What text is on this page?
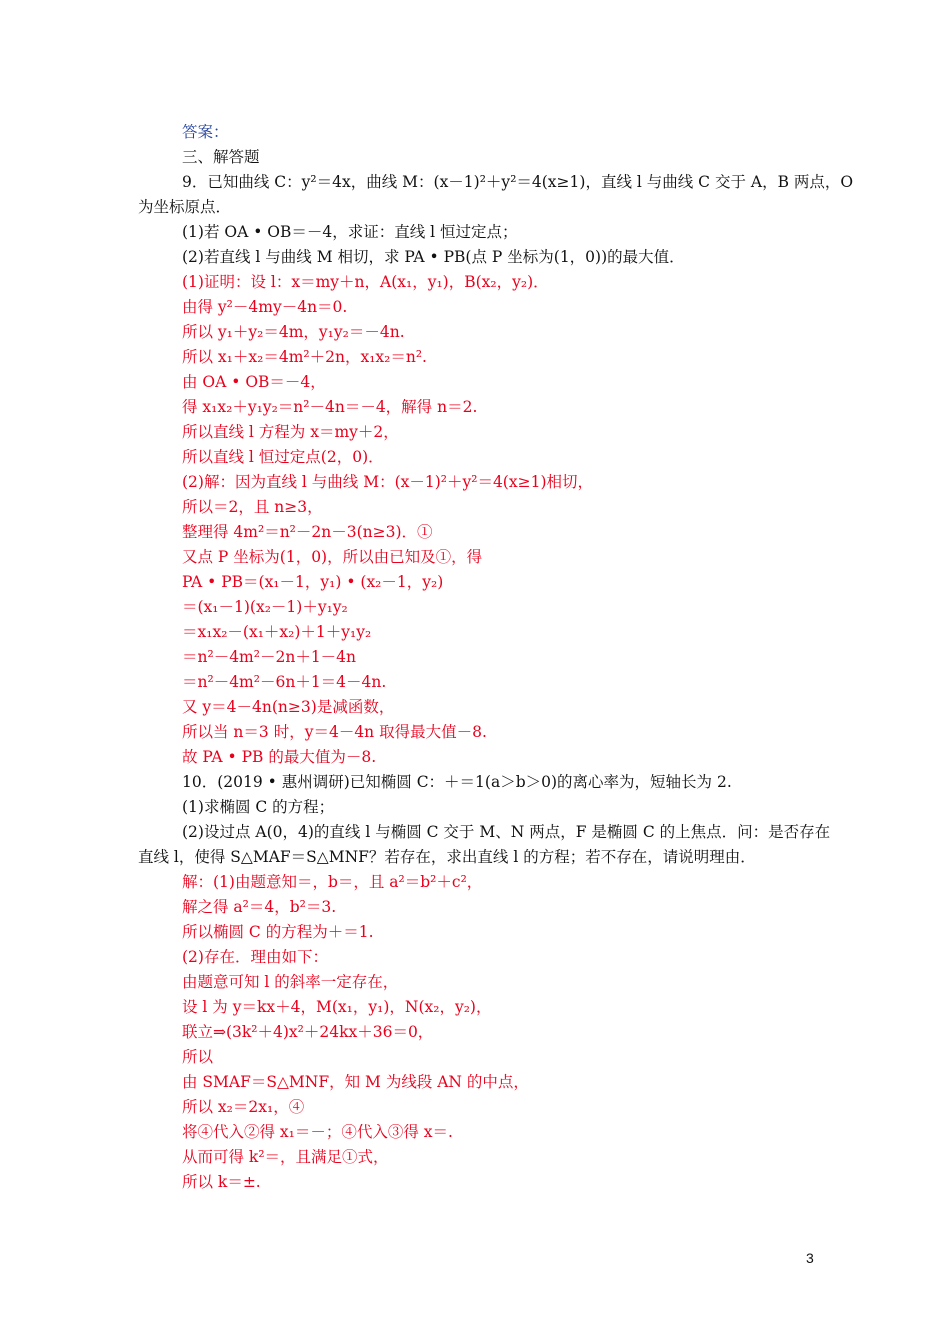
答案：
三、解答题
9．已知曲线 C：y²＝4x，曲线 M：(x－1)²＋y²＝4(x≥1)，直线 l 与曲线 C 交于 A，B 两点，O
为坐标原点．
(1)若 OA • OB＝－4，求证：直线 l 恒过定点；
(2)若直线 l 与曲线 M 相切，求 PA • PB(点 P 坐标为(1，0))的最大值．
(1)证明：设 l：x＝my＋n，A(x₁，y₁)，B(x₂，y₂)．
由得 y²－4my－4n＝0.
所以 y₁＋y₂＝4m，y₁y₂＝－4n.
所以 x₁＋x₂＝4m²＋2n，x₁x₂＝n².
由 OA • OB＝－4，
得 x₁x₂＋y₁y₂＝n²－4n＝－4，解得 n＝2.
所以直线 l 方程为 x＝my＋2，
所以直线 l 恒过定点(2，0)．
(2)解：因为直线 l 与曲线 M：(x－1)²＋y²＝4(x≥1)相切，
所以＝2，且 n≥3，
整理得 4m²＝n²－2n－3(n≥3)．①
又点 P 坐标为(1，0)，所以由已知及①，得
PA • PB＝(x₁－1，y₁) • (x₂－1，y₂)
＝(x₁－1)(x₂－1)＋y₁y₂
＝x₁x₂－(x₁＋x₂)＋1＋y₁y₂
＝n²－4m²－2n＋1－4n
＝n²－4m²－6n＋1＝4－4n.
又 y＝4－4n(n≥3)是减函数，
所以当 n＝3 时，y＝4－4n 取得最大值－8.
故 PA • PB 的最大值为－8.
10．(2019 • 惠州调研)已知椭圆 C：＋＝1(a＞b＞0)的离心率为，短轴长为 2.
(1)求椭圆 C 的方程；
(2)设过点 A(0，4)的直线 l 与椭圆 C 交于 M、N 两点，F 是椭圆 C 的上焦点．问：是否存在
直线 l，使得 S△MAF＝S△MNF？若存在，求出直线 l 的方程；若不存在，请说明理由．
解：(1)由题意知＝，b＝，且 a²＝b²＋c²，
解之得 a²＝4，b²＝3.
所以椭圆 C 的方程为＋＝1.
(2)存在．理由如下：
由题意可知 l 的斜率一定存在，
设 l 为 y＝kx＋4，M(x₁，y₁)，N(x₂，y₂)，
联立⇒(3k²＋4)x²＋24kx＋36＝0，
所以
由 SMAF＝S△MNF，知 M 为线段 AN 的中点，
所以 x₂＝2x₁，④
将④代入②得 x₁＝－；④代入③得 x＝.
从而可得 k²＝，且满足①式，
所以 k＝±.
3
